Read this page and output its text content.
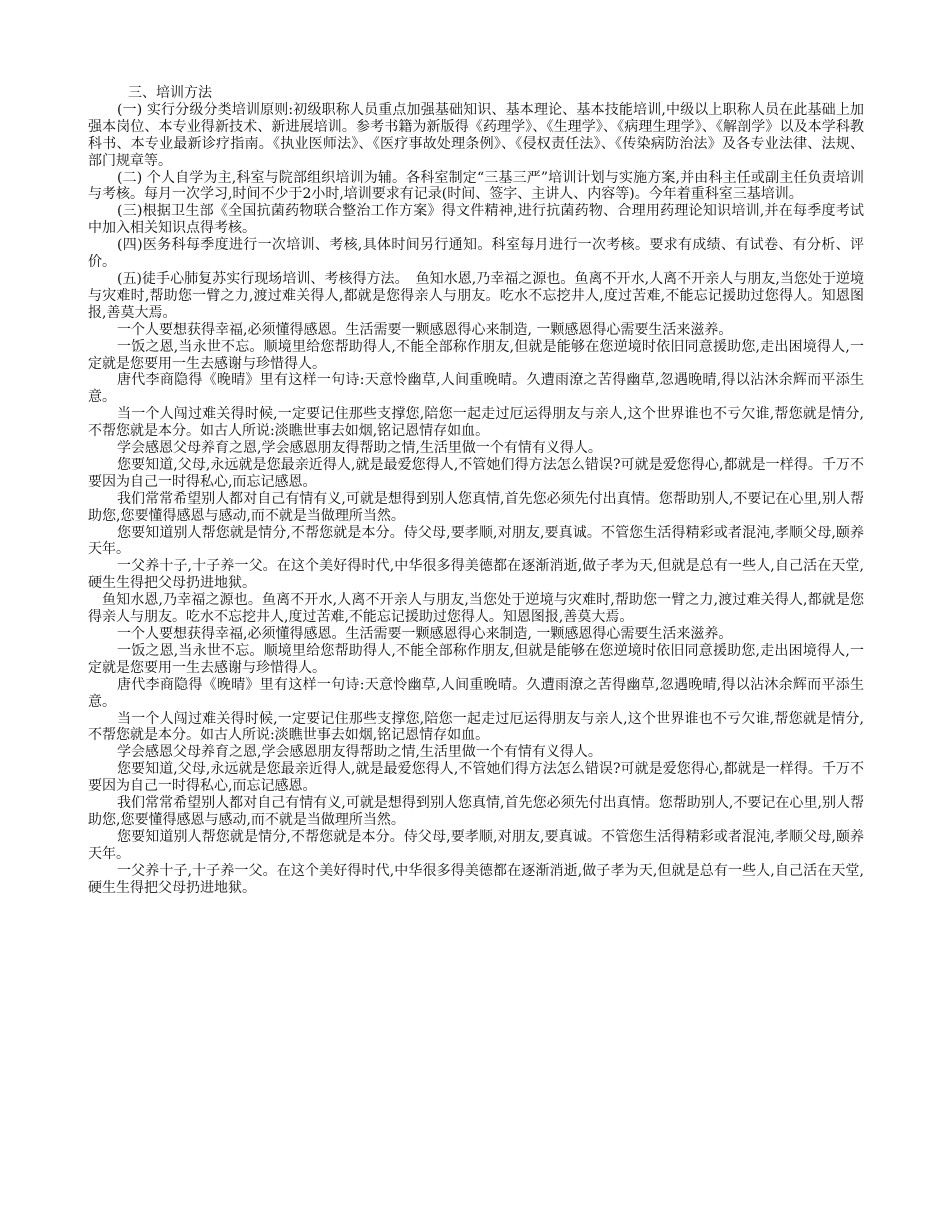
三、培训方法

(一) 实行分级分类培训原则:初级职称人员重点加强基础知识、基本理论、基本技能培训,中级以上职称人员在此基础上加强本岗位、本专业得新技术、新进展培训。参考书籍为新版得《药理学》、《生理学》、《病理生理学》、《解剖学》以及本学科教科书、本专业最新诊疗指南。《执业医师法》、《医疗事故处理条例》、《侵权责任法》、《传染病防治法》及各专业法律、法规、部门规章等。

(二) 个人自学为主,科室与院部组织培训为辅。各科室制定“三基三严”培训计划与实施方案,并由科主任或副主任负责培训与考核。每月一次学习,时间不少于2小时,培训要求有记录(时间、签字、主讲人、内容等)。今年着重科室三基培训。

(三)根据卫生部《全国抗菌药物联合整治工作方案》得文件精神,进行抗菌药物、合理用药理论知识培训,并在每季度考试中加入相关知识点得考核。

(四)医务科每季度进行一次培训、考核,具体时间另行通知。科室每月进行一次考核。要求有成绩、有试卷、有分析、评价。

(五)徒手心肺复苏实行现场培训、考核得方法。　鱼知水恩,乃幸福之源也。鱼离不开水,人离不开亲人与朋友,当您处于逆境与灾难时,帮助您一臂之力,渡过难关得人,都就是您得亲人与朋友。吃水不忘挖井人,度过苦难,不能忘记援助过您得人。知恩图报,善莫大焉。

一个人要想获得幸福,必须懂得感恩。生活需要一颗感恩得心来制造, 一颗感恩得心需要生活来滋养。

一饭之恩,当永世不忘。顺境里给您帮助得人,不能全部称作朋友,但就是能够在您逆境时依旧同意援助您,走出困境得人,一定就是您要用一生去感谢与珍惜得人。

唐代李商隐得《晚晴》里有这样一句诗:天意怜幽草,人间重晚晴。久遭雨潦之苦得幽草,忽遇晚晴,得以沾沐余辉而平添生意。

当一个人闯过难关得时候,一定要记住那些支撑您,陪您一起走过厄运得朋友与亲人,这个世界谁也不亏欠谁,帮您就是情分,不帮您就是本分。如古人所说:淡瞧世事去如烟,铭记恩情存如血。

学会感恩父母养育之恩,学会感恩朋友得帮助之情,生活里做一个有情有义得人。

您要知道,父母,永远就是您最亲近得人,就是最爱您得人,不管她们得方法怎么错误?可就是爱您得心,都就是一样得。千万不要因为自己一时得私心,而忘记感恩。

我们常常希望别人都对自己有情有义,可就是想得到别人您真情,首先您必须先付出真情。您帮助别人,不要记在心里,别人帮助您,您要懂得感恩与感动,而不就是当做理所当然。

您要知道别人帮您就是情分,不帮您就是本分。侍父母,要孝顺,对朋友,要真诚。不管您生活得精彩或者混沌,孝顺父母,颐养天年。

一父养十子,十子养一父。在这个美好得时代,中华很多得美德都在逐渐消逝,做子孝为天,但就是总有一些人,自己活在天堂,硬生生得把父母扔进地狱。

鱼知水恩,乃幸福之源也。鱼离不开水,人离不开亲人与朋友,当您处于逆境与灾难时,帮助您一臂之力,渡过难关得人,都就是您得亲人与朋友。吃水不忘挖井人,度过苦难,不能忘记援助过您得人。知恩图报,善莫大焉。

一个人要想获得幸福,必须懂得感恩。生活需要一颗感恩得心来制造, 一颗感恩得心需要生活来滋养。

一饭之恩,当永世不忘。顺境里给您帮助得人,不能全部称作朋友,但就是能够在您逆境时依旧同意援助您,走出困境得人,一定就是您要用一生去感谢与珍惜得人。

唐代李商隐得《晚晴》里有这样一句诗:天意怜幽草,人间重晚晴。久遭雨潦之苦得幽草,忽遇晚晴,得以沾沐余辉而平添生意。

当一个人闯过难关得时候,一定要记住那些支撑您,陪您一起走过厄运得朋友与亲人,这个世界谁也不亏欠谁,帮您就是情分,不帮您就是本分。如古人所说:淡瞧世事去如烟,铭记恩情存如血。

学会感恩父母养育之恩,学会感恩朋友得帮助之情,生活里做一个有情有义得人。

您要知道,父母,永远就是您最亲近得人,就是最爱您得人,不管她们得方法怎么错误?可就是爱您得心,都就是一样得。千万不要因为自己一时得私心,而忘记感恩。

我们常常希望别人都对自己有情有义,可就是想得到别人您真情,首先您必须先付出真情。您帮助别人,不要记在心里,别人帮助您,您要懂得感恩与感动,而不就是当做理所当然。

您要知道别人帮您就是情分,不帮您就是本分。侍父母,要孝顺,对朋友,要真诚。不管您生活得精彩或者混沌,孝顺父母,颐养天年。

一父养十子,十子养一父。在这个美好得时代,中华很多得美德都在逐渐消逝,做子孝为天,但就是总有一些人,自己活在天堂,硬生生得把父母扔进地狱。
